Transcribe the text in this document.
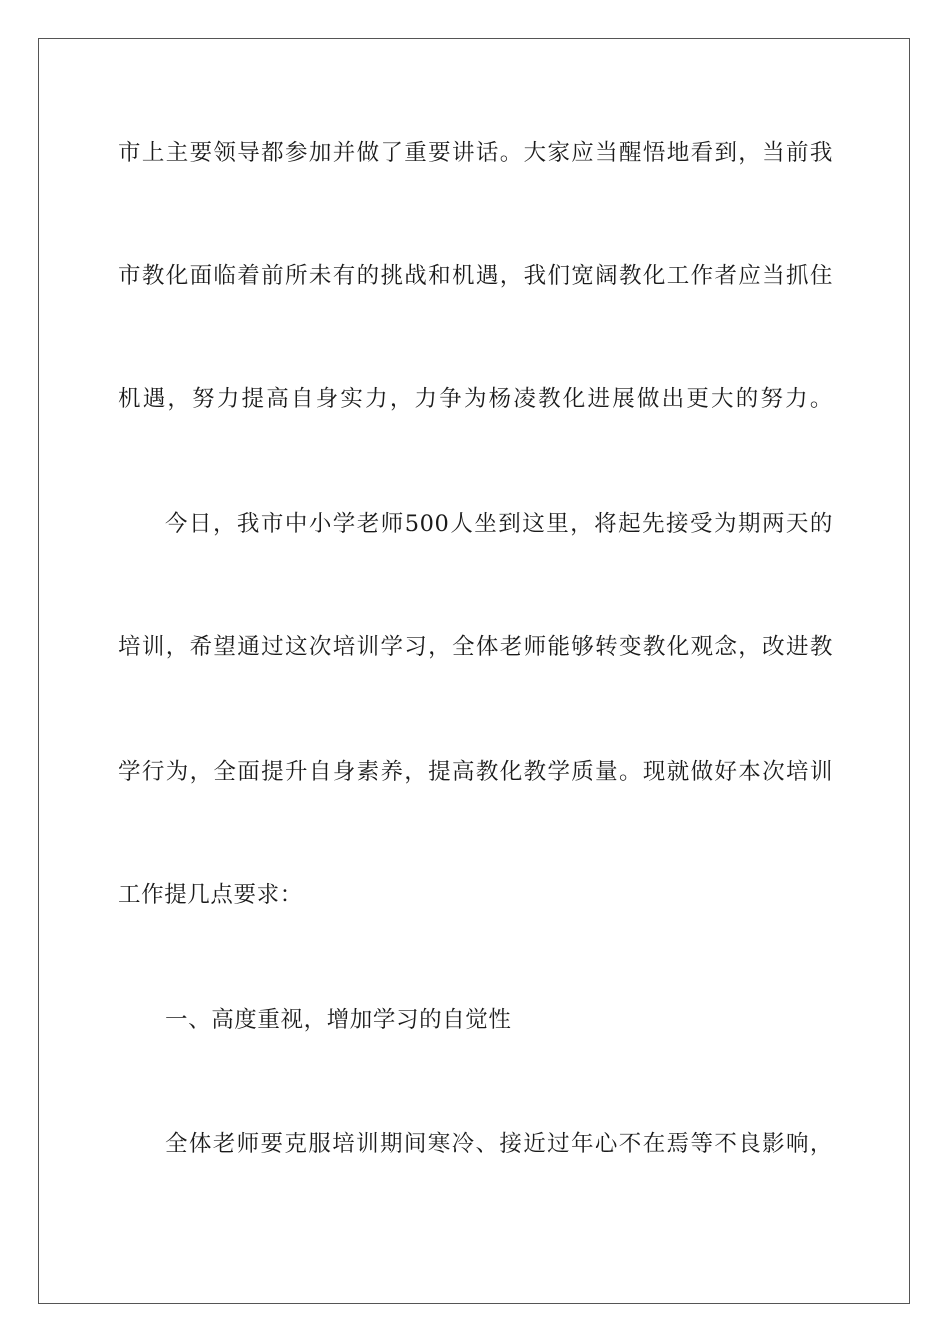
市上主要领导都参加并做了重要讲话。大家应当醒悟地看到，当前我
市教化面临着前所未有的挑战和机遇，我们宽阔教化工作者应当抓住
机遇，努力提高自身实力，力争为杨凌教化进展做出更大的努力。
今日，我市中小学老师500人坐到这里，将起先接受为期两天的
培训，希望通过这次培训学习，全体老师能够转变教化观念，改进教
学行为，全面提升自身素养，提高教化教学质量。现就做好本次培训
工作提几点要求：
一、高度重视，增加学习的自觉性
全体老师要克服培训期间寒冷、接近过年心不在焉等不良影响，
